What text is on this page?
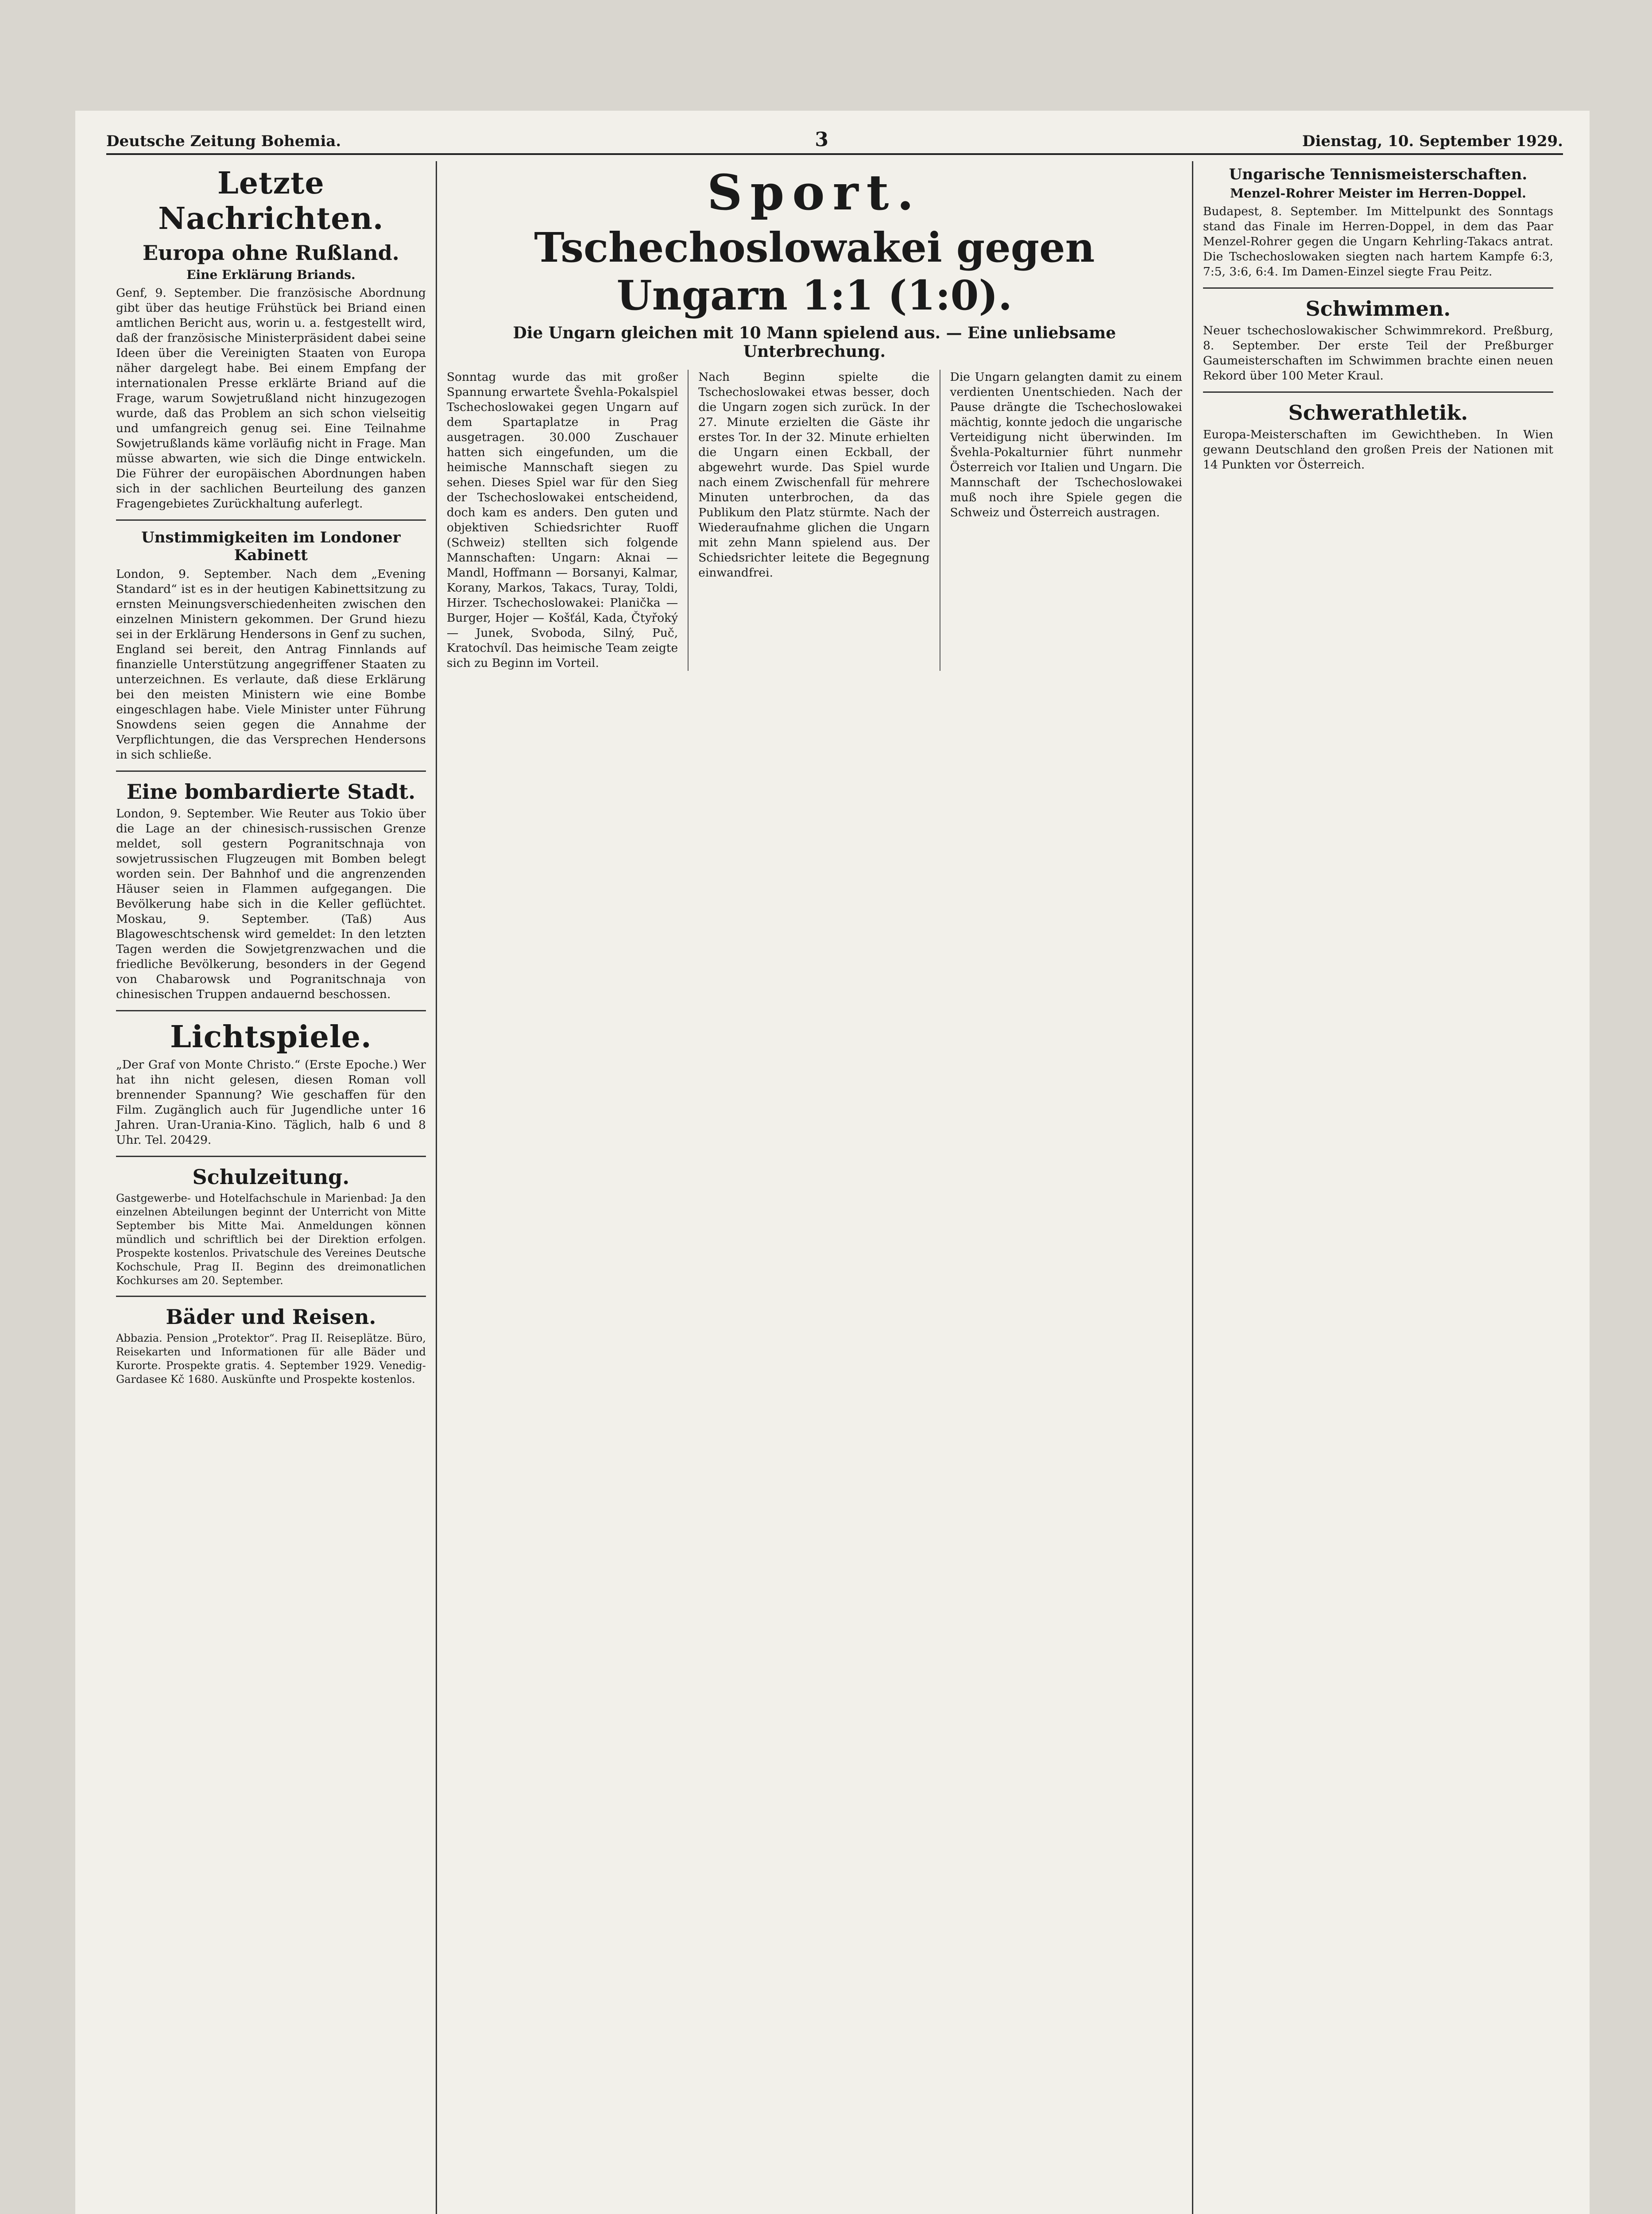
Deutsche Zeitung Bohemia.	3	Dienstag, 10. September 1929.
Letzte Nachrichten.
Europa ohne Rußland.
Eine Erklärung Briands.

Genf, 9. September. Die französische Abordnung gibt über das heutige Frühstück bei Briand einen amtlichen Bericht aus, worin u. a. festgestellt wird, daß der französische Ministerpräsident dabei seine Ideen über die Vereinigten Staaten von Europa näher dargelegt habe. Bei einem Empfang der internationalen Presse erklärte Briand auf die Frage, warum Sowjetrußland nicht hinzugezogen wurde, daß das Problem an sich schon vielseitig und umfangreich genug sei. Eine Teilnahme Sowjetrußlands käme vorläufig nicht in Frage. Man müsse abwarten, wie sich die Dinge entwickeln. Die Führer der europäischen Abordnungen haben sich in der sachlichen Beurteilung des ganzen Fragengebietes Zurückhaltung auferlegt.

Unstimmigkeiten im Londoner Kabinett

London, 9. September. Nach dem „Evening Standard“ ist es in der heutigen Kabinettsitzung zu ernsten Meinungsverschiedenheiten zwischen den einzelnen Ministern gekommen. Der Grund hiezu sei in der Erklärung Hendersons in Genf zu suchen, England sei bereit, den Antrag Finnlands auf finanzielle Unterstützung angegriffener Staaten zu unterzeichnen. Es verlaute, daß diese Erklärung bei den meisten Ministern wie eine Bombe eingeschlagen habe. Viele Minister unter Führung Snowdens seien gegen die Annahme der Verpflichtungen, die das Versprechen Hendersons in sich schließe.

Eine bombardierte Stadt.

London, 9. September. Wie Reuter aus Tokio über die Lage an der chinesisch-russischen Grenze meldet, soll gestern Pogranitschnaja von sowjetrussischen Flugzeugen mit Bomben belegt worden sein. Der Bahnhof und die angrenzenden Häuser seien in Flammen aufgegangen. Die Bevölkerung habe sich in die Keller geflüchtet. Moskau, 9. September. (Taß) Aus Blagoweschtschensk wird gemeldet: In den letzten Tagen werden die Sowjetgrenzwachen und die friedliche Bevölkerung, besonders in der Gegend von Chabarowsk und Pogranitschnaja von chinesischen Truppen andauernd beschossen.

Lichtspiele.

„Der Graf von Monte Christo.“ (Erste Epoche.) Wer hat ihn nicht gelesen, diesen Roman voll brennender Spannung? Wie geschaffen für den Film. Zugänglich auch für Jugendliche unter 16 Jahren. Uran-Urania-Kino. Täglich, halb 6 und 8 Uhr. Tel. 20429.

Schulzeitung.

Gastgewerbe- und Hotelfachschule in Marienbad: Ja den einzelnen Abteilungen beginnt der Unterricht von Mitte September bis Mitte Mai. Anmeldungen können mündlich und schriftlich bei der Direktion erfolgen. Prospekte kostenlos. Privatschule des Vereines Deutsche Kochschule, Prag II. Beginn des dreimonatlichen Kochkurses am 20. September.

Bäder und Reisen.

Abbazia. Pension „Protektor“. Prag II. Reiseplätze. Büro, Reisekarten und Informationen für alle Bäder und Kurorte. Prospekte gratis. 4. September 1929. Venedig-Gardasee Kč 1680. Auskünfte und Prospekte kostenlos.

Sport.
Tschechoslowakei gegen Ungarn 1:1 (1:0).
Die Ungarn gleichen mit 10 Mann spielend aus. — Eine unliebsame Unterbrechung.

Sonntag wurde das mit großer Spannung erwartete Švehla-Pokalspiel Tschechoslowakei gegen Ungarn auf dem Spartaplatze in Prag ausgetragen. 30.000 Zuschauer hatten sich eingefunden, um die heimische Mannschaft siegen zu sehen. Dieses Spiel war für den Sieg der Tschechoslowakei entscheidend, doch kam es anders. Den guten und objektiven Schiedsrichter Ruoff (Schweiz) stellten sich folgende Mannschaften: Ungarn: Aknai — Mandl, Hoffmann — Borsanyi, Kalmar, Korany, Markos, Takacs, Turay, Toldi, Hirzer. Tschechoslowakei: Planička — Burger, Hojer — Košťál, Kada, Čtyřoký — Junek, Svoboda, Silný, Puč, Kratochvíl. Das heimische Team zeigte sich zu Beginn im Vorteil.

Nach Beginn spielte die Tschechoslowakei etwas besser, doch die Ungarn zogen sich zurück. In der 27. Minute erzielten die Gäste ihr erstes Tor. In der 32. Minute erhielten die Ungarn einen Eckball, der abgewehrt wurde. Das Spiel wurde nach einem Zwischenfall für mehrere Minuten unterbrochen, da das Publikum den Platz stürmte. Nach der Wiederaufnahme glichen die Ungarn mit zehn Mann spielend aus. Der Schiedsrichter leitete die Begegnung einwandfrei.

Die Ungarn gelangten damit zu einem verdienten Unentschieden. Nach der Pause drängte die Tschechoslowakei mächtig, konnte jedoch die ungarische Verteidigung nicht überwinden. Im Švehla-Pokalturnier führt nunmehr Österreich vor Italien und Ungarn. Die Mannschaft der Tschechoslowakei muß noch ihre Spiele gegen die Schweiz und Österreich austragen.

Ungarische Tennismeisterschaften.
Menzel-Rohrer Meister im Herren-Doppel.

Budapest, 8. September. Im Mittelpunkt des Sonntags stand das Finale im Herren-Doppel, in dem das Paar Menzel-Rohrer gegen die Ungarn Kehrling-Takacs antrat. Die Tschechoslowaken siegten nach hartem Kampfe 6:3, 7:5, 3:6, 6:4. Im Damen-Einzel siegte Frau Peitz.

Schwimmen.

Neuer tschechoslowakischer Schwimmrekord. Preßburg, 8. September. Der erste Teil der Preßburger Gaumeisterschaften im Schwimmen brachte einen neuen Rekord über 100 Meter Kraul.

Schwerathletik.

Europa-Meisterschaften im Gewichtheben. In Wien gewann Deutschland den großen Preis der Nationen mit 14 Punkten vor Österreich.
